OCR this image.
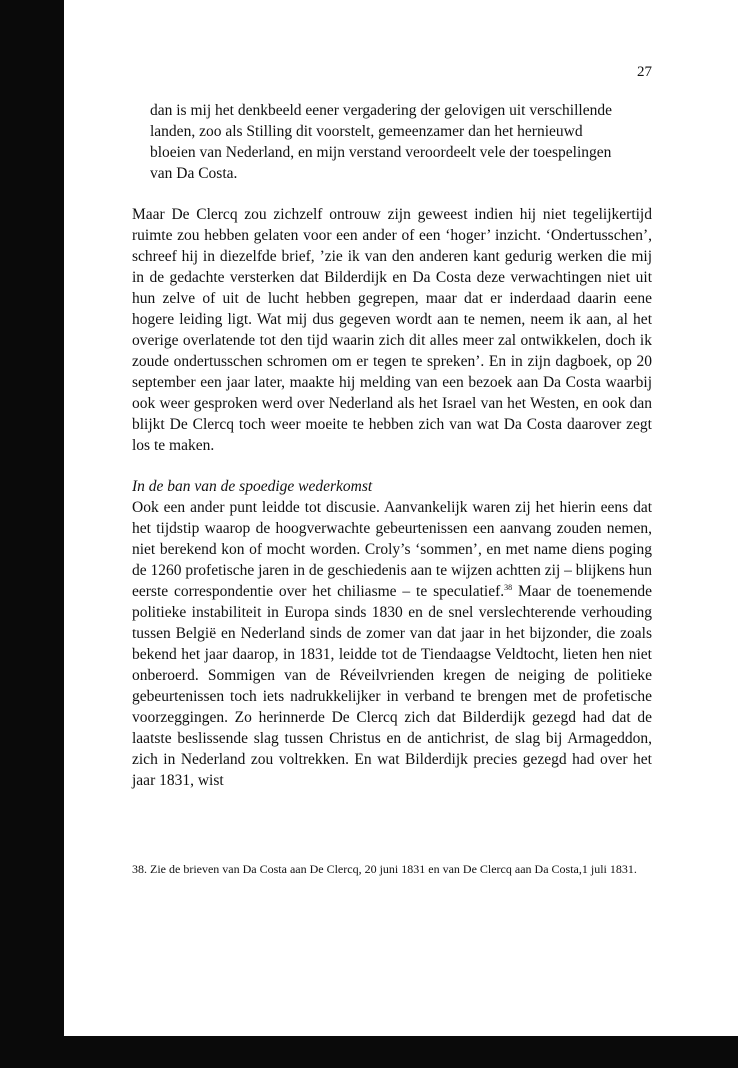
27
dan is mij het denkbeeld eener vergadering der gelovigen uit verschillende
landen, zoo als Stilling dit voorstelt, gemeenzamer dan het hernieuwd
bloeien van Nederland, en mijn verstand veroordeelt vele der toespelingen
van Da Costa.

Maar De Clercq zou zichzelf ontrouw zijn geweest indien hij niet tegelijkertijd ruimte zou hebben gelaten voor een ander of een ‘hoger’ inzicht. ‘Ondertusschen’, schreef hij in diezelfde brief, ’zie ik van den anderen kant gedurig werken die mij in de gedachte versterken dat Bilderdijk en Da Costa deze verwachtingen niet uit hun zelve of uit de lucht hebben gegrepen, maar dat er inderdaad daarin eene hogere leiding ligt. Wat mij dus gegeven wordt aan te nemen, neem ik aan, al het overige overlatende tot den tijd waarin zich dit alles meer zal ontwikkelen, doch ik zoude ondertusschen schromen om er tegen te spreken’. En in zijn dagboek, op 20 september een jaar later, maakte hij melding van een bezoek aan Da Costa waarbij ook weer gesproken werd over Nederland als het Israel van het Westen, en ook dan blijkt De Clercq toch weer moeite te hebben zich van wat Da Costa daarover zegt los te maken.

In de ban van de spoedige wederkomst

Ook een ander punt leidde tot discusie. Aanvankelijk waren zij het hierin eens dat het tijdstip waarop de hoogverwachte gebeurtenissen een aanvang zouden nemen, niet berekend kon of mocht worden. Croly’s ‘sommen’, en met name diens poging de 1260 profetische jaren in de geschiedenis aan te wijzen achtten zij – blijkens hun eerste correspondentie over het chiliasme – te speculatief.$^{38}$ Maar de toenemende politieke instabiliteit in Europa sinds 1830 en de snel verslechterende verhouding tussen België en Nederland sinds de zomer van dat jaar in het bijzonder, die zoals bekend het jaar daarop, in 1831, leidde tot de Tiendaagse Veldtocht, lieten hen niet onberoerd. Sommigen van de Réveilvrienden kregen de neiging de politieke gebeurtenissen toch iets nadrukkelijker in verband te brengen met de profetische voorzeggingen. Zo herinnerde De Clercq zich dat Bilderdijk gezegd had dat de laatste beslissende slag tussen Christus en de antichrist, de slag bij Armageddon, zich in Nederland zou voltrekken. En wat Bilderdijk precies gezegd had over het jaar 1831, wist

38. Zie de brieven van Da Costa aan De Clercq, 20 juni 1831 en van De Clercq aan Da Costa,1 juli 1831.
